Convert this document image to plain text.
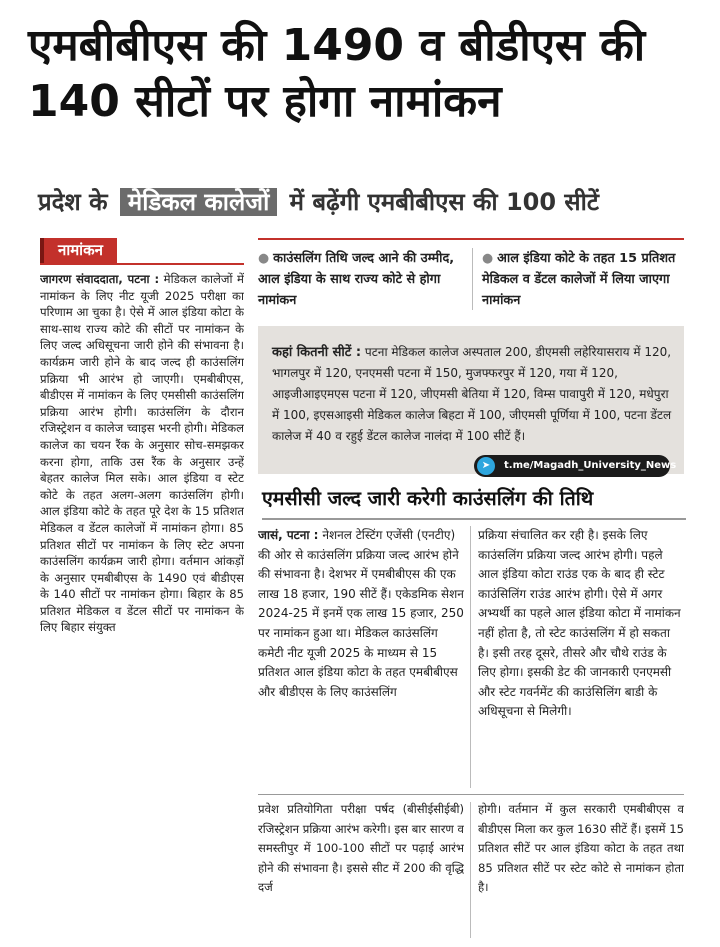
एमबीबीएस की 1490 व बीडीएस की 140 सीटों पर होगा नामांकन
प्रदेश के मेडिकल कालेजों में बढ़ेंगी एमबीबीएस की 100 सीटें
नामांकन

जागरण संवाददाता, पटना : मेडिकल कालेजों में नामांकन के लिए नीट यूजी 2025 परीक्षा का परिणाम आ चुका है। ऐसे में आल इंडिया कोटा के साथ-साथ राज्य कोटे की सीटों पर नामांकन के लिए जल्द अधिसूचना जारी होने की संभावना है। कार्यक्रम जारी होने के बाद जल्द ही काउंसलिंग प्रक्रिया भी आरंभ हो जाएगी। एमबीबीएस, बीडीएस में नामांकन के लिए एमसीसी काउंसलिंग प्रक्रिया आरंभ होगी। काउंसलिंग के दौरान रजिस्ट्रेशन व कालेज च्वाइस भरनी होगी। मेडिकल कालेज का चयन रैंक के अनुसार सोच-समझकर करना होगा, ताकि उस रैंक के अनुसार उन्हें बेहतर कालेज मिल सके। आल इंडिया व स्टेट कोटे के तहत अलग-अलग काउंसलिंग होगी। आल इंडिया कोटे के तहत पूरे देश के 15 प्रतिशत मेडिकल व डेंटल कालेजों में नामांकन होगा। 85 प्रतिशत सीटों पर नामांकन के लिए स्टेट अपना काउंसलिंग कार्यक्रम जारी होगा। वर्तमान आंकड़ों के अनुसार एमबीबीएस के 1490 एवं बीडीएस के 140 सीटों पर नामांकन होगा। बिहार के 85 प्रतिशत मेडिकल व डेंटल सीटों पर नामांकन के लिए बिहार संयुक्त

● काउंसलिंग तिथि जल्द आने की उम्मीद, आल इंडिया के साथ राज्य कोटे से होगा नामांकन
● आल इंडिया कोटे के तहत 15 प्रतिशत मेडिकल व डेंटल कालेजों में लिया जाएगा नामांकन

कहां कितनी सीटें : पटना मेडिकल कालेज अस्पताल 200, डीएमसी लहेरियासराय में 120, भागलपुर में 120, एनएमसी पटना में 150, मुजफ्फरपुर में 120, गया में 120, आइजीआइएमएस पटना में 120, जीएमसी बेतिया में 120, विम्स पावापुरी में 120, मधेपुरा में 100, इएसआइसी मेडिकल कालेज बिहटा में 100, जीएमसी पूर्णिया में 100, पटना डेंटल कालेज में 40 व रहुई डेंटल कालेज नालंदा में 100 सीटें हैं।

➤	t.me/Magadh_University_News
एमसीसी जल्द जारी करेगी काउंसलिंग की तिथि

जासं, पटना : नेशनल टेस्टिंग एजेंसी (एनटीए) की ओर से काउंसलिंग प्रक्रिया जल्द आरंभ होने की संभावना है। देशभर में एमबीबीएस की एक लाख 18 हजार, 190 सीटें हैं। एकेडमिक सेशन 2024-25 में इनमें एक लाख 15 हजार, 250 पर नामांकन हुआ था। मेडिकल काउंसलिंग कमेटी नीट यूजी 2025 के माध्यम से 15 प्रतिशत आल इंडिया कोटा के तहत एमबीबीएस और बीडीएस के लिए काउंसलिंग

प्रक्रिया संचालित कर रही है। इसके लिए काउंसलिंग प्रक्रिया जल्द आरंभ होगी। पहले आल इंडिया कोटा राउंड एक के बाद ही स्टेट काउंसिलिंग राउंड आरंभ होगी। ऐसे में अगर अभ्यर्थी का पहले आल इंडिया कोटा में नामांकन नहीं होता है, तो स्टेट काउंसलिंग में हो सकता है। इसी तरह दूसरे, तीसरे और चौथे राउंड के लिए होगा। इसकी डेट की जानकारी एनएमसी और स्टेट गवर्नमेंट की काउंसिलिंग बाडी के अधिसूचना से मिलेगी।

प्रवेश प्रतियोगिता परीक्षा पर्षद (बीसीईसीईबी) रजिस्ट्रेशन प्रक्रिया आरंभ करेगी। इस बार सारण व समस्तीपुर में 100-100 सीटों पर पढ़ाई आरंभ होने की संभावना है। इससे सीट में 200 की वृद्धि दर्ज

होगी। वर्तमान में कुल सरकारी एमबीबीएस व बीडीएस मिला कर कुल 1630 सीटें हैं। इसमें 15 प्रतिशत सीटें पर आल इंडिया कोटा के तहत तथा 85 प्रतिशत सीटें पर स्टेट कोटे से नामांकन होता है।
